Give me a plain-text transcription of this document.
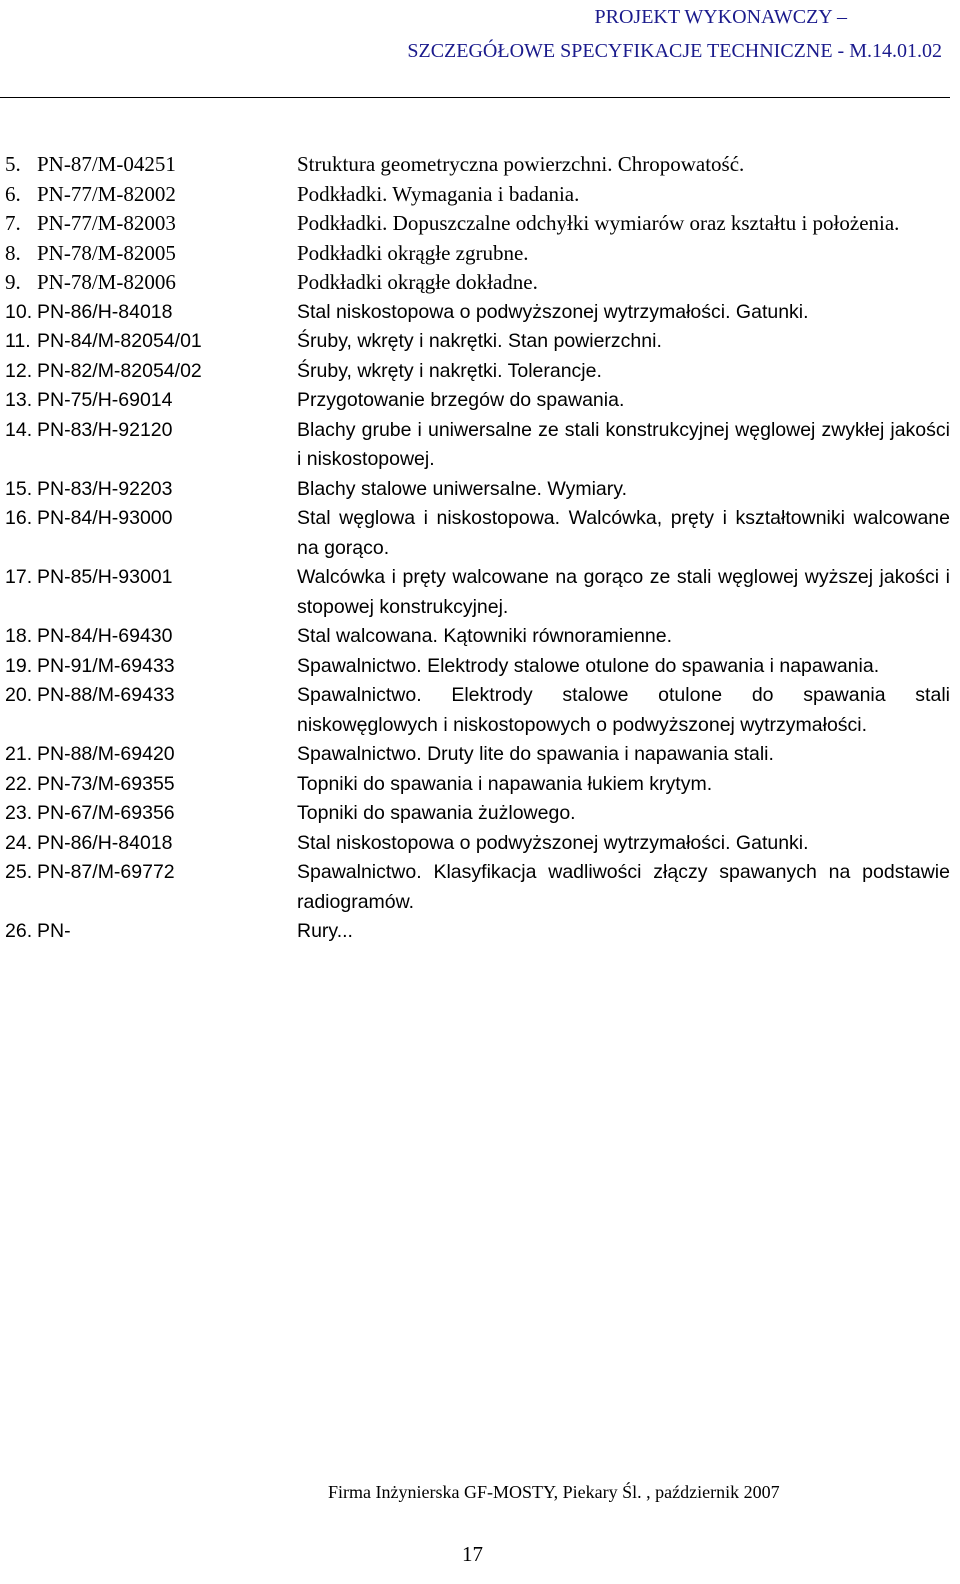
PROJEKT WYKONAWCZY –
SZCZEGÓŁOWE SPECYFIKACJE TECHNICZNE - M.14.01.02
5. PN-87/M-04251	Struktura geometryczna powierzchni. Chropowatość.
6. PN-77/M-82002	Podkładki. Wymagania i badania.
7. PN-77/M-82003	Podkładki. Dopuszczalne odchyłki wymiarów oraz kształtu i położenia.
8. PN-78/M-82005	Podkładki okrągłe zgrubne.
9. PN-78/M-82006	Podkładki okrągłe dokładne.
10. PN-86/H-84018	Stal niskostopowa o podwyższonej wytrzymałości. Gatunki.
11. PN-84/M-82054/01	Śruby, wkręty i nakrętki. Stan powierzchni.
12. PN-82/M-82054/02	Śruby, wkręty i nakrętki. Tolerancje.
13. PN-75/H-69014	Przygotowanie brzegów do spawania.
14. PN-83/H-92120	Blachy grube i uniwersalne ze stali konstrukcyjnej węglowej zwykłej jakości i niskostopowej.
15. PN-83/H-92203	Blachy stalowe uniwersalne. Wymiary.
16. PN-84/H-93000	Stal węglowa i niskostopowa. Walcówka, pręty i kształtowniki walcowane na gorąco.
17. PN-85/H-93001	Walcówka i pręty walcowane na gorąco ze stali węglowej wyższej jakości i stopowej konstrukcyjnej.
18. PN-84/H-69430	Stal walcowana. Kątowniki równoramienne.
19. PN-91/M-69433	Spawalnictwo. Elektrody stalowe otulone do spawania i napawania.
20. PN-88/M-69433	Spawalnictwo. Elektrody stalowe otulone do spawania stali niskowęglowych i niskostopowych o podwyższonej wytrzymałości.
21. PN-88/M-69420	Spawalnictwo. Druty lite do spawania i napawania stali.
22. PN-73/M-69355	Topniki do spawania i napawania łukiem krytym.
23. PN-67/M-69356	Topniki do spawania żużlowego.
24. PN-86/H-84018	Stal niskostopowa o podwyższonej wytrzymałości. Gatunki.
25. PN-87/M-69772	Spawalnictwo. Klasyfikacja wadliwości złączy spawanych na podstawie radiogramów.
26. PN-	Rury...
Firma Inżynierska GF-MOSTY, Piekary Śl. , październik 2007
17
